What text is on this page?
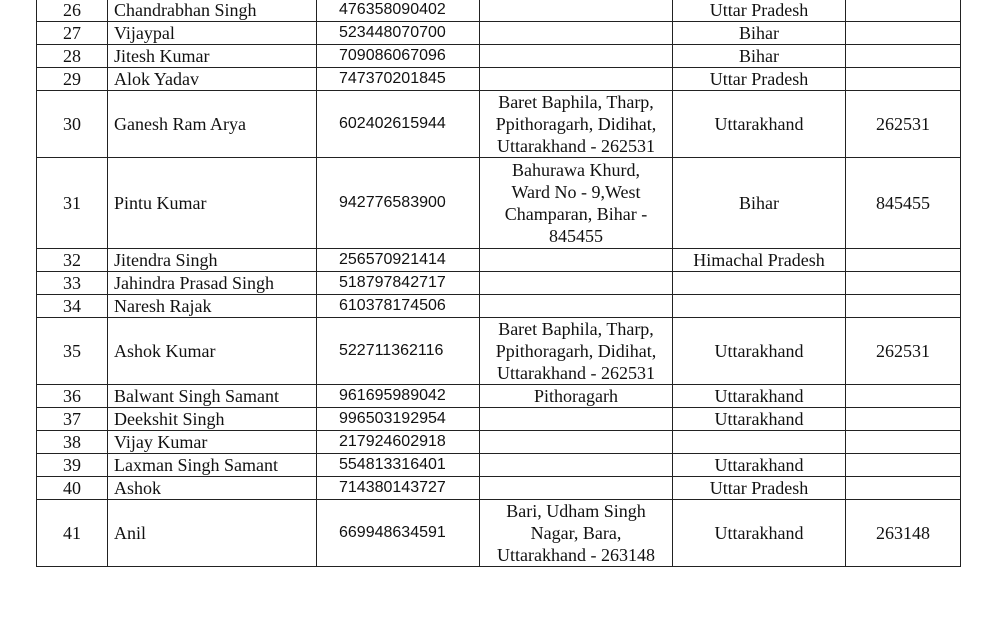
26	Chandrabhan Singh	476358090402		Uttar Pradesh	

27	Vijaypal	523448070700		Bihar	

28	Jitesh Kumar	709086067096		Bihar	

29	Alok Yadav	747370201845		Uttar Pradesh	

30	Ganesh Ram Arya	602402615944	Baret Baphila, Tharp,
Ppithoragarh, Didihat,
Uttarakhand - 262531	Uttarakhand	262531

31	Pintu Kumar	942776583900	Bahurawa Khurd,
Ward No - 9,West
Champaran, Bihar -
845455	Bihar	845455

32	Jitendra Singh	256570921414		Himachal Pradesh	

33	Jahindra Prasad Singh	518797842717			

34	Naresh Rajak	610378174506			

35	Ashok Kumar	522711362116	Baret Baphila, Tharp,
Ppithoragarh, Didihat,
Uttarakhand - 262531	Uttarakhand	262531

36	Balwant Singh Samant	961695989042	Pithoragarh	Uttarakhand	

37	Deekshit Singh	996503192954		Uttarakhand	

38	Vijay Kumar	217924602918			

39	Laxman Singh Samant	554813316401		Uttarakhand	

40	Ashok	714380143727		Uttar Pradesh	

41	Anil	669948634591	Bari, Udham Singh
Nagar, Bara,
Uttarakhand - 263148	Uttarakhand	263148
